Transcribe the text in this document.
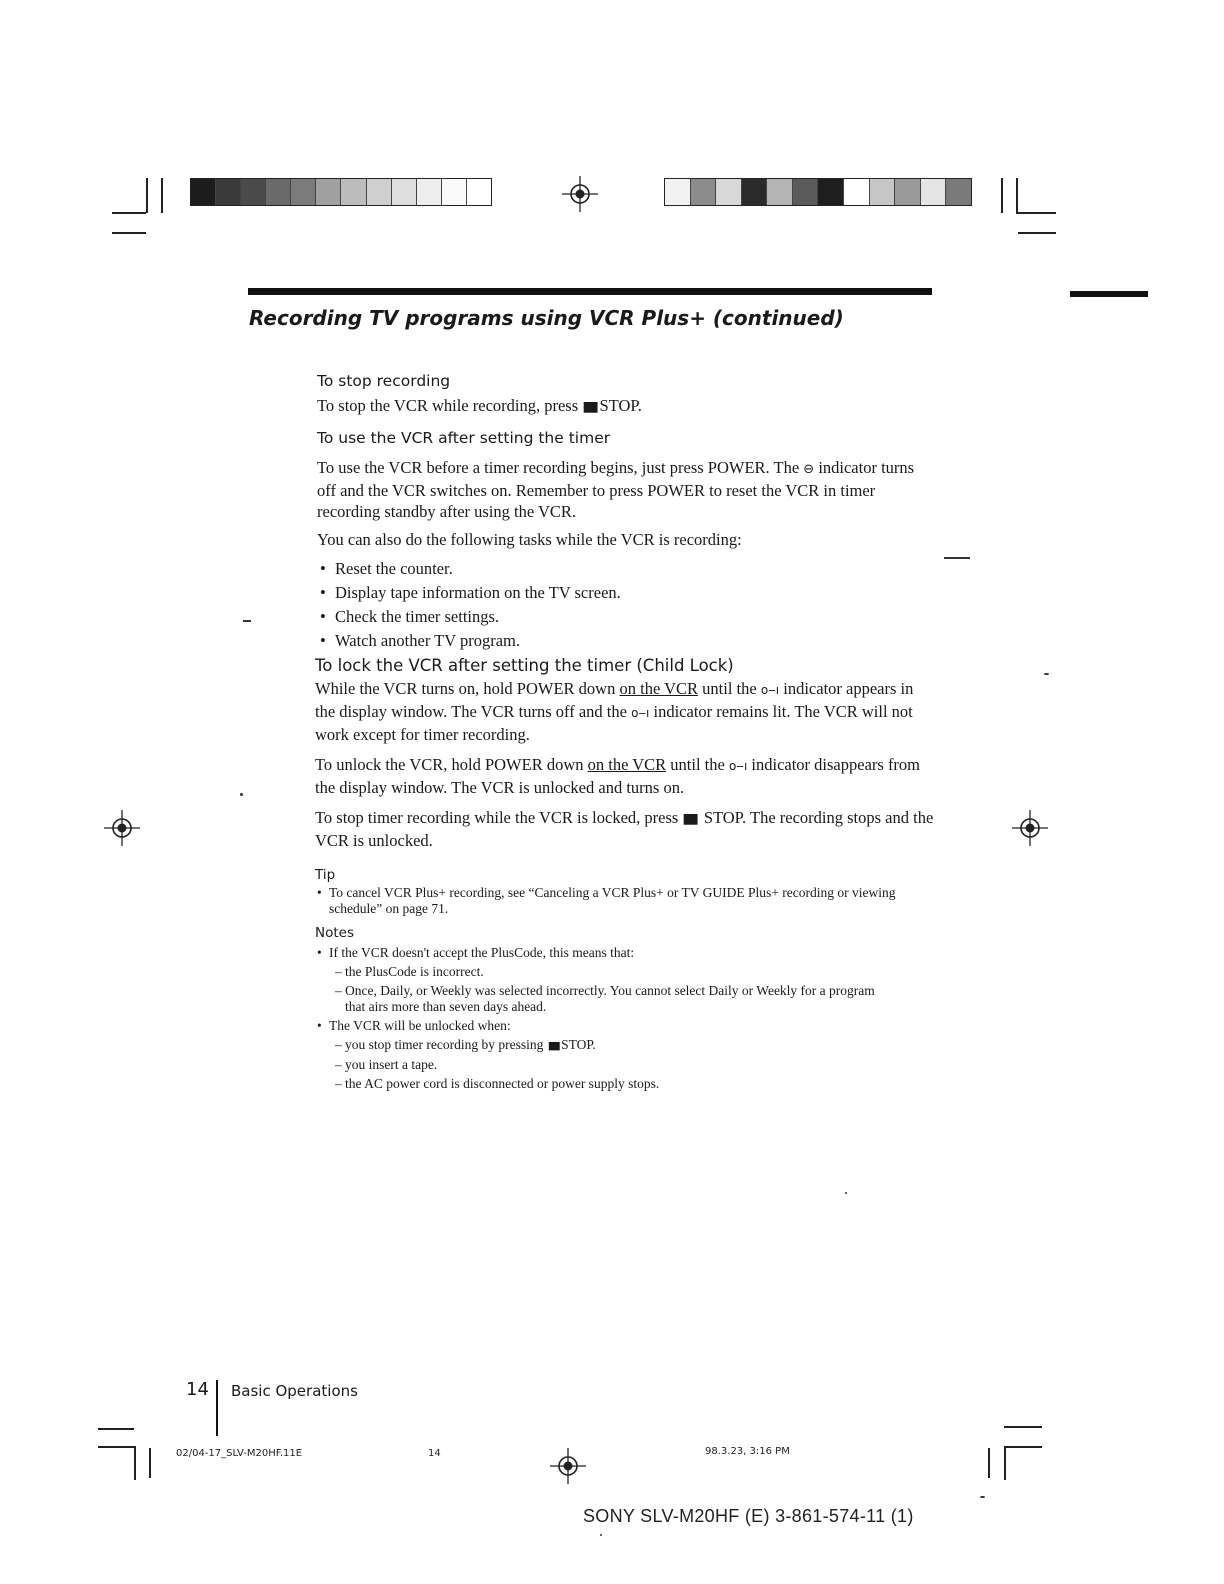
Recording TV programs using VCR Plus+ (continued)

To stop recording

To stop the VCR while recording, press ■STOP.

To use the VCR after setting the timer

To use the VCR before a timer recording begins, just press POWER. The ⊖ indicator turns off and the VCR switches on. Remember to press POWER to reset the VCR in timer recording standby after using the VCR.

You can also do the following tasks while the VCR is recording:

• Reset the counter.
• Display tape information on the TV screen.
• Check the timer settings.
• Watch another TV program.

To lock the VCR after setting the timer (Child Lock)

While the VCR turns on, hold POWER down on the VCR until the o‒ı indicator appears in the display window. The VCR turns off and the o‒ı indicator remains lit. The VCR will not work except for timer recording.

To unlock the VCR, hold POWER down on the VCR until the o‒ı indicator disappears from the display window. The VCR is unlocked and turns on.

To stop timer recording while the VCR is locked, press ■ STOP. The recording stops and the VCR is unlocked.

Tip

• To cancel VCR Plus+ recording, see “Canceling a VCR Plus+ or TV GUIDE Plus+ recording or viewing schedule” on page 71.

Notes

• If the VCR doesn't accept the PlusCode, this means that:
– the PlusCode is incorrect.
– Once, Daily, or Weekly was selected incorrectly. You cannot select Daily or Weekly for a program that airs more than seven days ahead.
• The VCR will be unlocked when:
– you stop timer recording by pressing ■STOP.
– you insert a tape.
– the AC power cord is disconnected or power supply stops.
14 Basic Operations
02/04-17_SLV-M20HF.11E	14	98.3.23, 3:16 PM
SONY SLV-M20HF (E) 3-861-574-11 (1)
